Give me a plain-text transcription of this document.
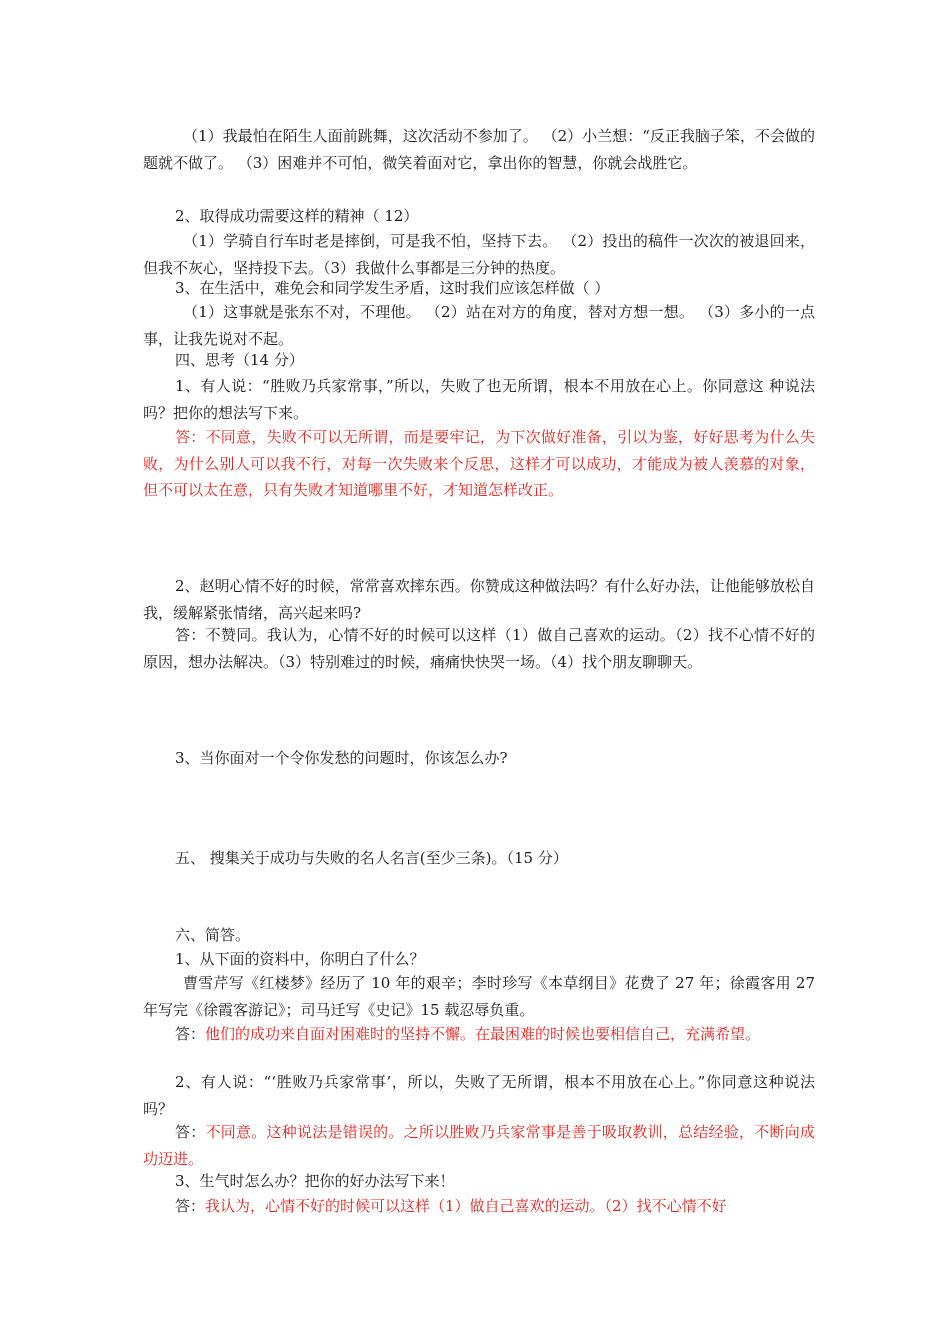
（1）我最怕在陌生人面前跳舞，这次活动不参加了。 （2）小兰想：“反正我脑子笨，不会做的题就不做了。 （3）困难并不可怕，微笑着面对它，拿出你的智慧，你就会战胜它。

2、取得成功需要这样的精神（ 12）

（1）学骑自行车时老是摔倒，可是我不怕，坚持下去。 （2）投出的稿件一次次的被退回来，但我不灰心，坚持投下去。（3）我做什么事都是三分钟的热度。

3、在生活中，难免会和同学发生矛盾，这时我们应该怎样做（ ）

（1）这事就是张东不对，不理他。 （2）站在对方的角度，替对方想一想。 （3）多小的一点事，让我先说对不起。

四、思考（14 分）

1、有人说：“胜败乃兵家常事，”所以，失败了也无所谓，根本不用放在心上。你同意这 种说法吗？把你的想法写下来。

答：不同意，失败不可以无所谓，而是要牢记，为下次做好准备，引以为鉴，好好思考为什么失败，为什么别人可以我不行，对每一次失败来个反思，这样才可以成功，才能成为被人羡慕的对象，但不可以太在意，只有失败才知道哪里不好，才知道怎样改正。

2、赵明心情不好的时候，常常喜欢摔东西。你赞成这种做法吗？有什么好办法，让他能够放松自我，缓解紧张情绪，高兴起来吗?

答：不赞同。我认为，心情不好的时候可以这样（1）做自己喜欢的运动。（2）找不心情不好的原因，想办法解决。（3）特别难过的时候，痛痛快快哭一场。（4）找个朋友聊聊天。

3、当你面对一个令你发愁的问题时，你该怎么办?

五、 搜集关于成功与失败的名人名言(至少三条)。（15 分）

六、简答。

1、从下面的资料中，你明白了什么？

曹雪芹写《红楼梦》经历了 10 年的艰辛；李时珍写《本草纲目》花费了 27 年；徐霞客用 27 年写完《徐霞客游记》；司马迁写《史记》15 载忍辱负重。

答：他们的成功来自面对困难时的坚持不懈。在最困难的时候也要相信自己，充满希望。

2、有人说：“‘胜败乃兵家常事’，所以，失败了无所谓，根本不用放在心上。”你同意这种说法吗？

答：不同意。这种说法是错误的。之所以胜败乃兵家常事是善于吸取教训，总结经验，不断向成功迈进。

3、生气时怎么办？把你的好办法写下来！

答：我认为，心情不好的时候可以这样（1）做自己喜欢的运动。（2）找不心情不好
